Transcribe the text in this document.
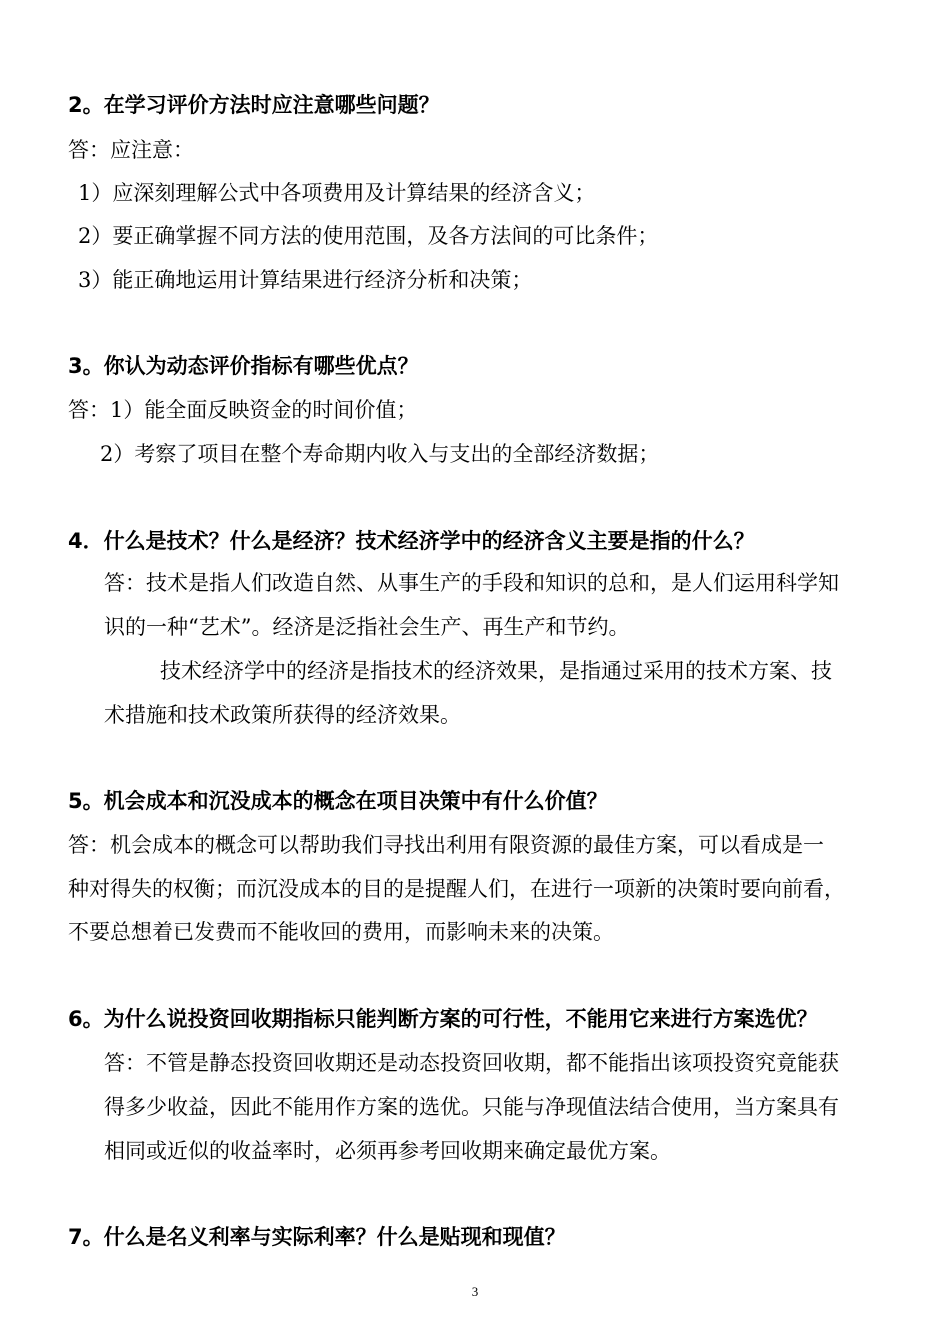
2。在学习评价方法时应注意哪些问题？
答：应注意：
1）应深刻理解公式中各项费用及计算结果的经济含义；
2）要正确掌握不同方法的使用范围，及各方法间的可比条件；
3）能正确地运用计算结果进行经济分析和决策；
3。你认为动态评价指标有哪些优点？
答：1）能全面反映资金的时间价值；
2）考察了项目在整个寿命期内收入与支出的全部经济数据；
4．什么是技术？什么是经济？技术经济学中的经济含义主要是指的什么？
答：技术是指人们改造自然、从事生产的手段和知识的总和，是人们运用科学知
识的一种“艺术”。经济是泛指社会生产、再生产和节约。
技术经济学中的经济是指技术的经济效果，是指通过采用的技术方案、技
术措施和技术政策所获得的经济效果。
5。机会成本和沉没成本的概念在项目决策中有什么价值？
答：机会成本的概念可以帮助我们寻找出利用有限资源的最佳方案，可以看成是一
种对得失的权衡；而沉没成本的目的是提醒人们，在进行一项新的决策时要向前看，
不要总想着已发费而不能收回的费用，而影响未来的决策。
6。为什么说投资回收期指标只能判断方案的可行性，不能用它来进行方案选优？
答：不管是静态投资回收期还是动态投资回收期，都不能指出该项投资究竟能获
得多少收益，因此不能用作方案的选优。只能与净现值法结合使用，当方案具有
相同或近似的收益率时，必须再参考回收期来确定最优方案。
7。什么是名义利率与实际利率？什么是贴现和现值？
3
